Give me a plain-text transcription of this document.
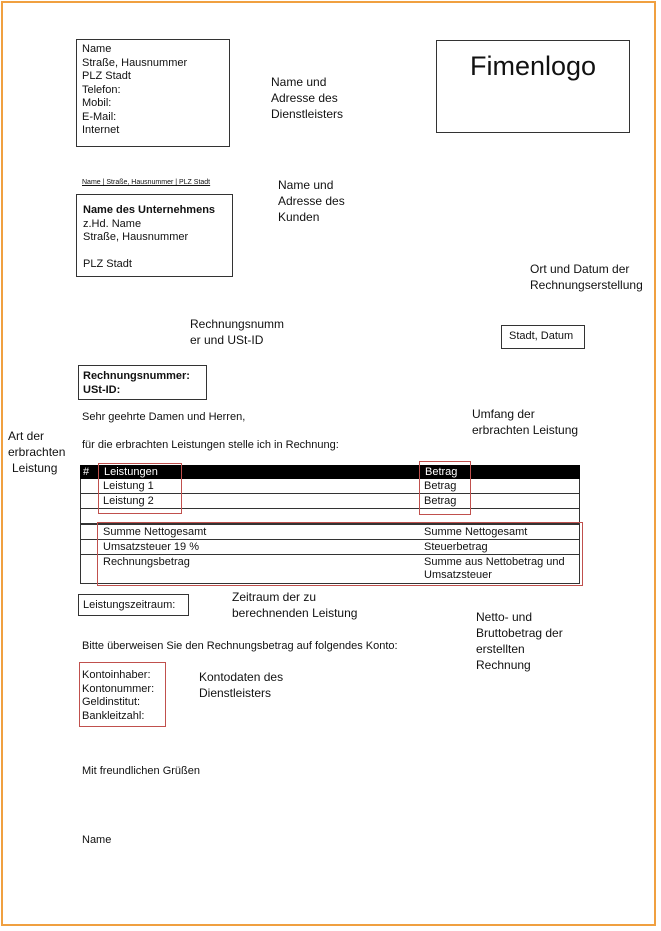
Name
Straße, Hausnummer
PLZ Stadt
Telefon:
Mobil:
E-Mail:
Internet
Name und
Adresse des
Dienstleisters
Fimenlogo
Name | Straße, Hausnummer | PLZ Stadt
Name des Unternehmens
z.Hd. Name
Straße, Hausnummer
PLZ Stadt
Name und
Adresse des
Kunden
Ort und Datum der
Rechnungserstellung
Stadt, Datum
Rechnungsnumm
er und USt-ID
Rechnungsnummer:
USt-ID:
Art der
erbrachten
Leistung
Sehr geehrte Damen und Herren,
für die erbrachten Leistungen stelle ich in Rechnung:
Umfang der
erbrachten Leistung
# Leistungen	Betrag
Leistung 1	Betrag
Leistung 2	Betrag
Summe Nettogesamt	Summe Nettogesamt
Umsatzsteuer 19 %	Steuerbetrag
Rechnungsbetrag	Summe aus Nettobetrag und
Umsatzsteuer
Leistungszeitraum:
Zeitraum der zu
berechnenden Leistung	Netto- und
Bruttobetrag der
erstellten
Rechnung
Bitte überweisen Sie den Rechnungsbetrag auf folgendes Konto:
Kontoinhaber:
Kontonummer:
Geldinstitut:
Bankleitzahl:
Kontodaten des
Dienstleisters
Mit freundlichen Grüßen
Name
